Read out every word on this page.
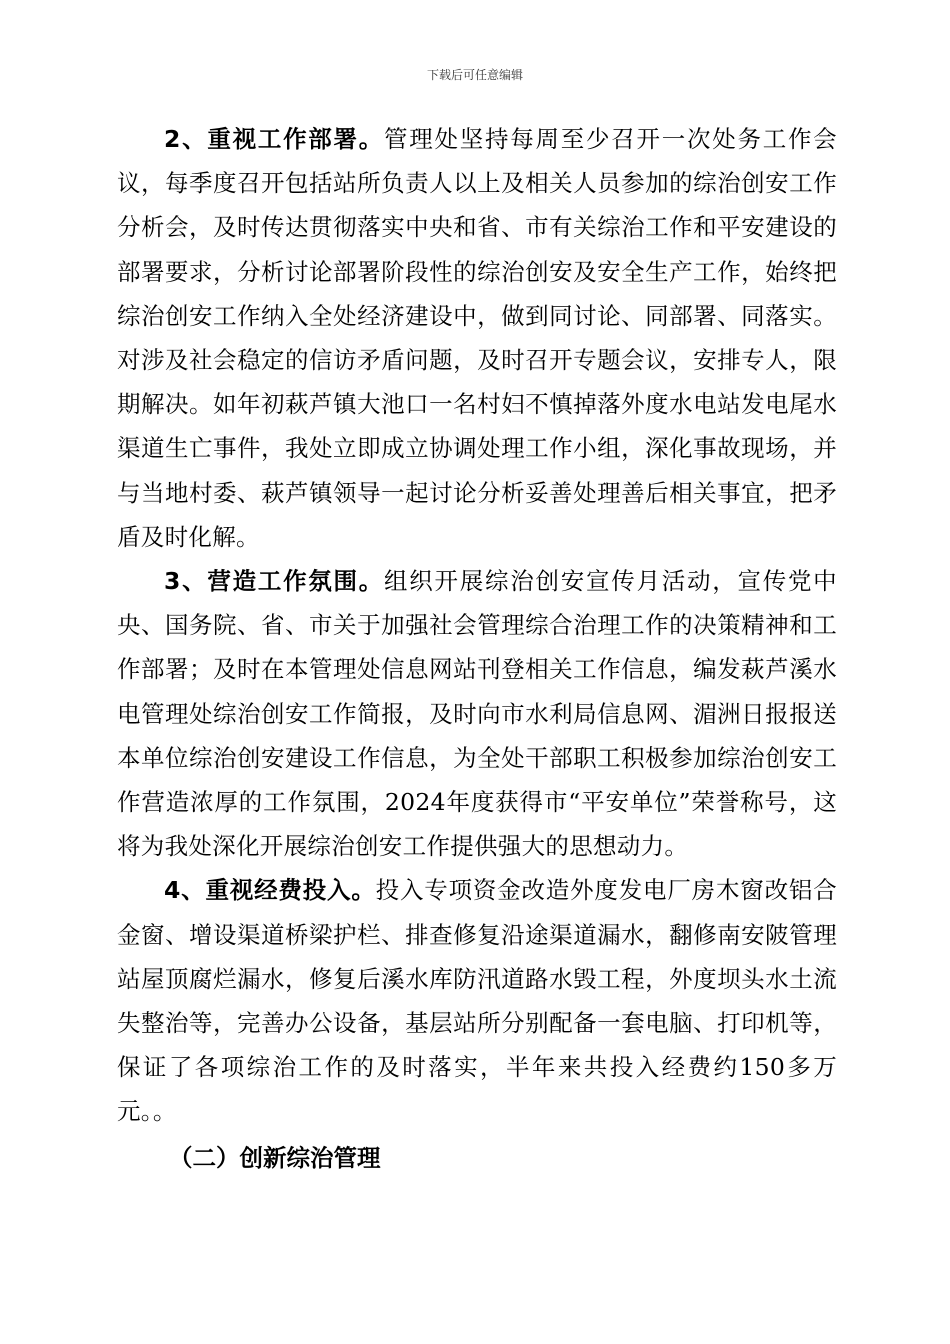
下载后可任意编辑

2、重视工作部署。管理处坚持每周至少召开一次处务工作会议，每季度召开包括站所负责人以上及相关人员参加的综治创安工作分析会，及时传达贯彻落实中央和省、市有关综治工作和平安建设的部署要求，分析讨论部署阶段性的综治创安及安全生产工作，始终把综治创安工作纳入全处经济建设中，做到同讨论、同部署、同落实。对涉及社会稳定的信访矛盾问题，及时召开专题会议，安排专人，限期解决。如年初萩芦镇大池口一名村妇不慎掉落外度水电站发电尾水渠道生亡事件，我处立即成立协调处理工作小组，深化事故现场，并与当地村委、萩芦镇领导一起讨论分析妥善处理善后相关事宜，把矛盾及时化解。

3、营造工作氛围。组织开展综治创安宣传月活动，宣传党中央、国务院、省、市关于加强社会管理综合治理工作的决策精神和工作部署；及时在本管理处信息网站刊登相关工作信息，编发萩芦溪水电管理处综治创安工作简报，及时向市水利局信息网、湄洲日报报送本单位综治创安建设工作信息，为全处干部职工积极参加综治创安工作营造浓厚的工作氛围，2024年度获得市“平安单位”荣誉称号，这将为我处深化开展综治创安工作提供强大的思想动力。

4、重视经费投入。投入专项资金改造外度发电厂房木窗改铝合金窗、增设渠道桥梁护栏、排查修复沿途渠道漏水，翻修南安陂管理站屋顶腐烂漏水，修复后溪水库防汛道路水毁工程，外度坝头水土流失整治等，完善办公设备，基层站所分别配备一套电脑、打印机等，保证了各项综治工作的及时落实，半年来共投入经费约150多万元。。

（二）创新综治管理
